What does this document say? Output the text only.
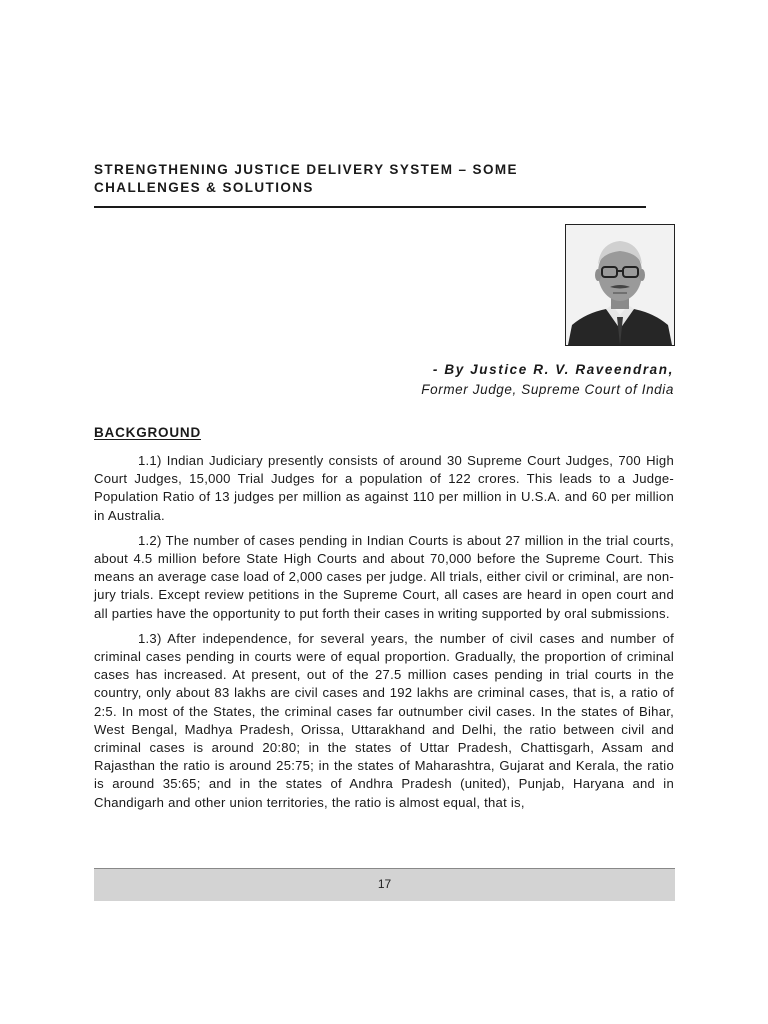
STRENGTHENING JUSTICE DELIVERY SYSTEM – SOME
CHALLENGES & SOLUTIONS
- By Justice R. V. Raveendran,
Former Judge, Supreme Court of India
BACKGROUND

1.1) Indian Judiciary presently consists of around 30 Supreme Court Judges, 700 High Court Judges, 15,000 Trial Judges for a population of 122 crores. This leads to a Judge-Population Ratio of 13 judges per million as against 110 per million in U.S.A. and 60 per million in Australia.

1.2) The number of cases pending in Indian Courts is about 27 million in the trial courts, about 4.5 million before State High Courts and about 70,000 before the Supreme Court. This means an average case load of 2,000 cases per judge. All trials, either civil or criminal, are non-jury trials. Except review petitions in the Supreme Court, all cases are heard in open court and all parties have the opportunity to put forth their cases in writing supported by oral submissions.

1.3) After independence, for several years, the number of civil cases and number of criminal cases pending in courts were of equal proportion. Gradually, the proportion of criminal cases has increased. At present, out of the 27.5 million cases pending in trial courts in the country, only about 83 lakhs are civil cases and 192 lakhs are criminal cases, that is, a ratio of 2:5. In most of the States, the criminal cases far outnumber civil cases. In the states of Bihar, West Bengal, Madhya Pradesh, Orissa, Uttarakhand and Delhi, the ratio between civil and criminal cases is around 20:80; in the states of Uttar Pradesh, Chattisgarh, Assam and Rajasthan the ratio is around 25:75; in the states of Maharashtra, Gujarat and Kerala, the ratio is around 35:65; and in the states of Andhra Pradesh (united), Punjab, Haryana and in Chandigarh and other union territories, the ratio is almost equal, that is,

17
